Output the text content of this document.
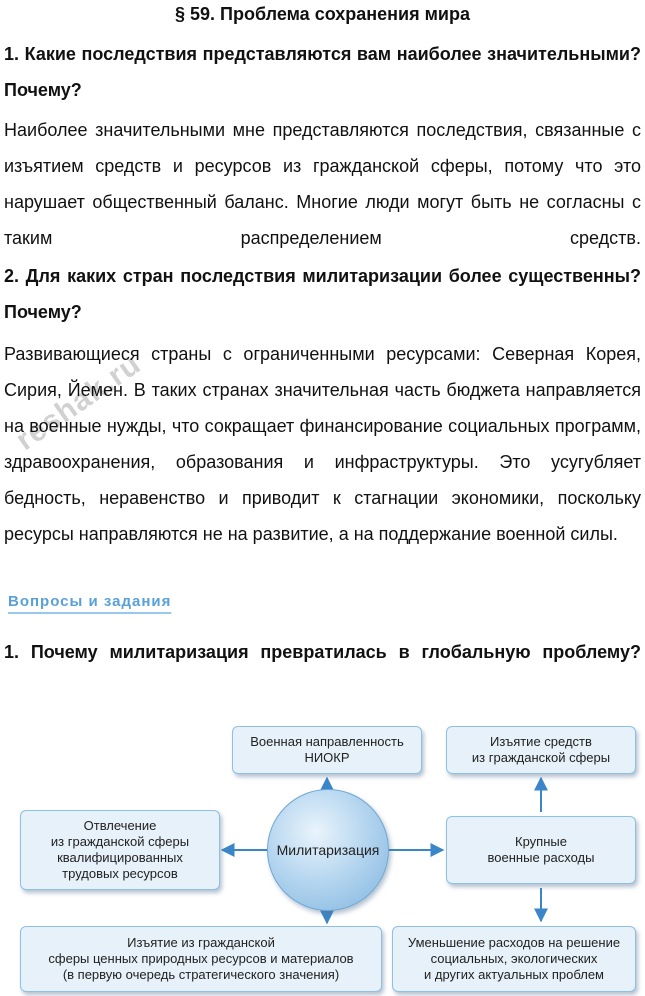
§ 59. Проблема сохранения мира
1. Какие последствия представляются вам наиболее значительными? Почему?
Наиболее значительными мне представляются последствия, связанные с изъятием средств и ресурсов из гражданской сферы, потому что это нарушает общественный баланс. Многие люди могут быть не согласны с таким распределением средств.
2. Для каких стран последствия милитаризации более существенны? Почему?
Развивающиеся страны с ограниченными ресурсами: Северная Корея, Сирия, Йемен. В таких странах значительная часть бюджета направляется на военные нужды, что сокращает финансирование социальных программ, здравоохранения, образования и инфраструктуры. Это усугубляет бедность, неравенство и приводит к стагнации экономики, поскольку ресурсы направляются не на развитие, а на поддержание военной силы.
reshak.ru
Вопросы и задания
1. Почему милитаризация превратилась в глобальную проблему?
Военная направленность
НИОКР
Изъятие средств
из гражданской сферы
Отвлечение
из гражданской сферы
квалифицированных
трудовых ресурсов
Милитаризация
Крупные
военные расходы
Изъятие из гражданской
сферы ценных природных ресурсов и материалов
(в первую очередь стратегического значения)
Уменьшение расходов на решение
социальных, экологических
и других актуальных проблем
